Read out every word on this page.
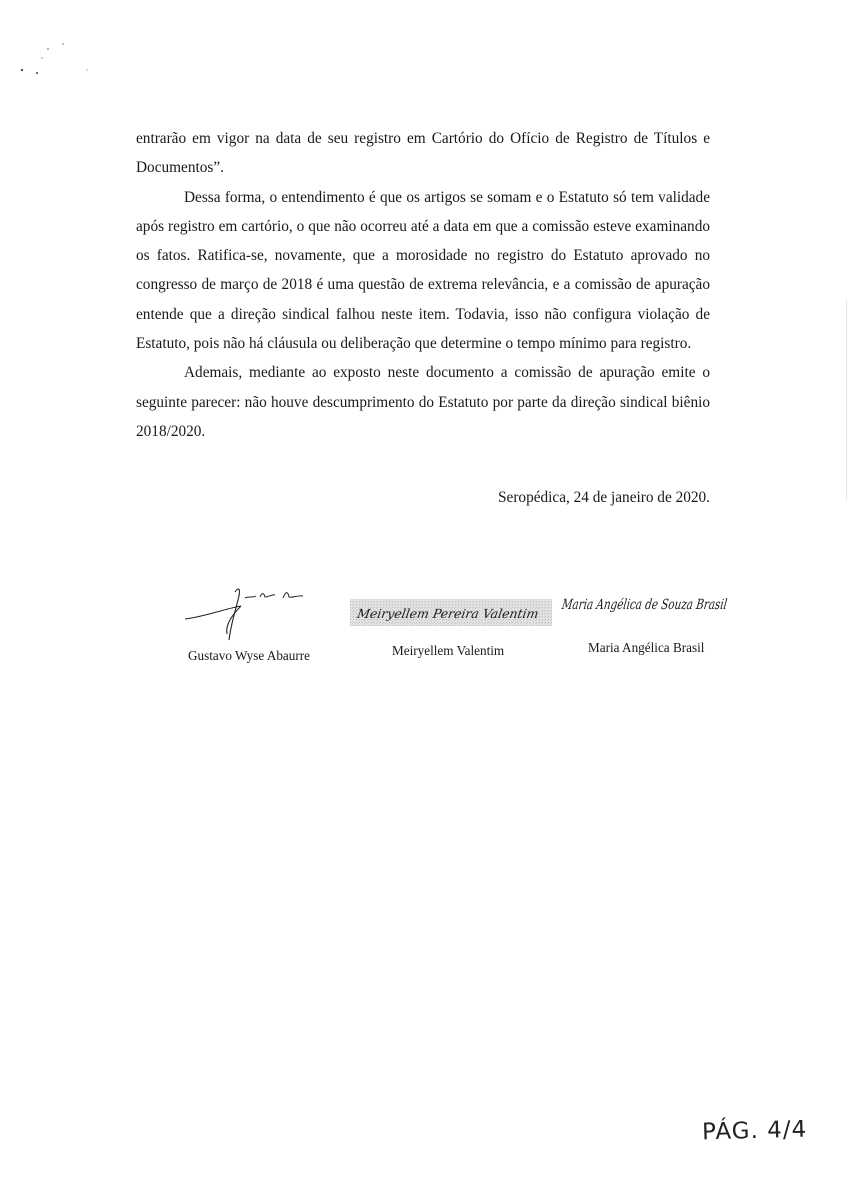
entrarão em vigor na data de seu registro em Cartório do Ofício de Registro de Títulos e Documentos”.

Dessa forma, o entendimento é que os artigos se somam e o Estatuto só tem validade após registro em cartório, o que não ocorreu até a data em que a comissão esteve examinando os fatos. Ratifica-se, novamente, que a morosidade no registro do Estatuto aprovado no congresso de março de 2018 é uma questão de extrema relevância, e a comissão de apuração entende que a direção sindical falhou neste item. Todavia, isso não configura violação de Estatuto, pois não há cláusula ou deliberação que determine o tempo mínimo para registro.

Ademais, mediante ao exposto neste documento a comissão de apuração emite o seguinte parecer: não houve descumprimento do Estatuto por parte da direção sindical biênio 2018/2020.

Seropédica, 24 de janeiro de 2020.
Gustavo Wyse Abaurre
Meiryellem Pereira Valentim
Meiryellem Valentim
Maria Angélica de Souza Brasil
Maria Angélica Brasil
PÁG. 4/4
